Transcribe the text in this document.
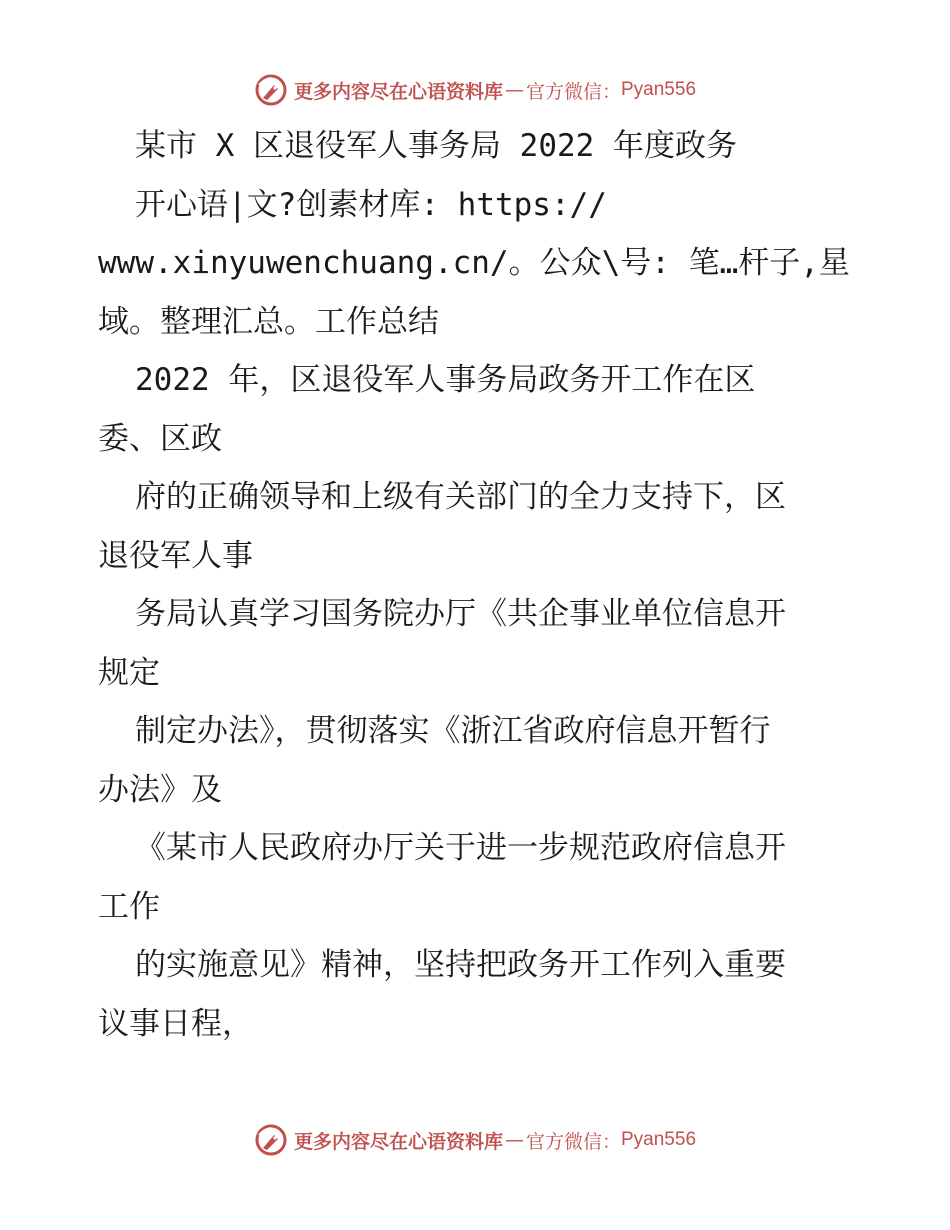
更多内容尽在心语资料库 — 官方微信： Pyan556
某市 X 区退役军人事务局 2022 年度政务
开心语|文?创素材库: https://
www.xinyuwenchuang.cn/。公众\号: 笔…杆子,星
域。整理汇总。工作总结
2022 年，区退役军人事务局政务开工作在区
委、区政
府的正确领导和上级有关部门的全力支持下，区
退役军人事
务局认真学习国务院办厅《共企事业单位信息开
规定
制定办法》，贯彻落实《浙江省政府信息开暂行
办法》及
《某市人民政府办厅关于进一步规范政府信息开
工作
的实施意见》精神，坚持把政务开工作列入重要
议事日程，
更多内容尽在心语资料库 — 官方微信： Pyan556
